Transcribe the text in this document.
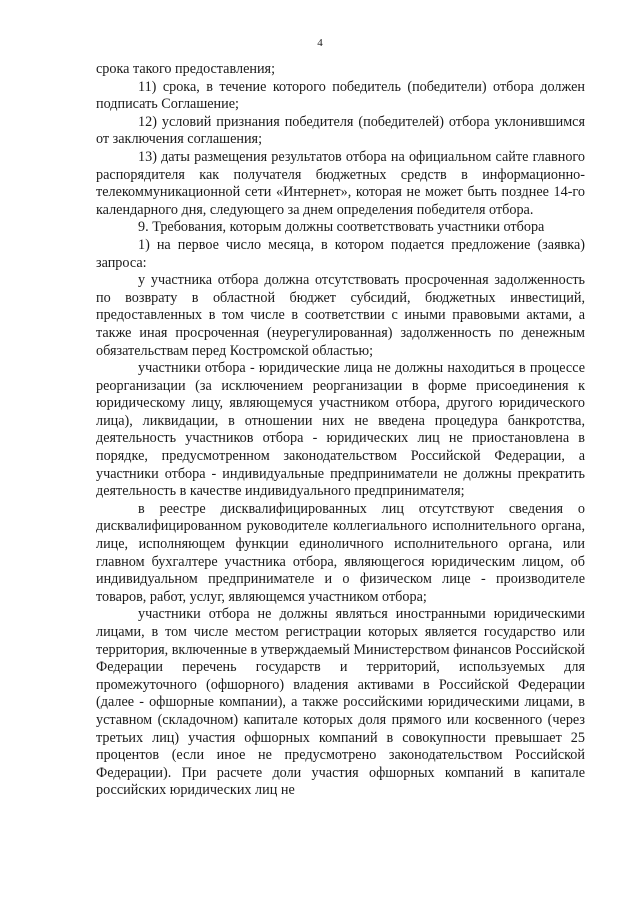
4

срока такого предоставления;

11) срока, в течение которого победитель (победители) отбора должен подписать Соглашение;

12) условий признания победителя (победителей) отбора уклонившимся от заключения соглашения;

13) даты размещения результатов отбора на официальном сайте главного распорядителя как получателя бюджетных средств в информационно-телекоммуникационной сети «Интернет», которая не может быть позднее 14-го календарного дня, следующего за днем определения победителя отбора.

9. Требования, которым должны соответствовать участники отбора

1) на первое число месяца, в котором подается предложение (заявка) запроса:

у участника отбора должна отсутствовать просроченная задолженность по возврату в областной бюджет субсидий, бюджетных инвестиций, предоставленных в том числе в соответствии с иными правовыми актами, а также иная просроченная (неурегулированная) задолженность по денежным обязательствам перед Костромской областью;

участники отбора - юридические лица не должны находиться в процессе реорганизации (за исключением реорганизации в форме присоединения к юридическому лицу, являющемуся участником отбора, другого юридического лица), ликвидации, в отношении них не введена процедура банкротства, деятельность участников отбора - юридических лиц не приостановлена в порядке, предусмотренном законодательством Российской Федерации, а участники отбора - индивидуальные предприниматели не должны прекратить деятельность в качестве индивидуального предпринимателя;

в реестре дисквалифицированных лиц отсутствуют сведения о дисквалифицированном руководителе коллегиального исполнительного органа, лице, исполняющем функции единоличного исполнительного органа, или главном бухгалтере участника отбора, являющегося юридическим лицом, об индивидуальном предпринимателе и о физическом лице - производителе товаров, работ, услуг, являющемся участником отбора;

участники отбора не должны являться иностранными юридическими лицами, в том числе местом регистрации которых является государство или территория, включенные в утверждаемый Министерством финансов Российской Федерации перечень государств и территорий, используемых для промежуточного (офшорного) владения активами в Российской Федерации (далее - офшорные компании), а также российскими юридическими лицами, в уставном (складочном) капитале которых доля прямого или косвенного (через третьих лиц) участия офшорных компаний в совокупности превышает 25 процентов (если иное не предусмотрено законодательством Российской Федерации). При расчете доли участия офшорных компаний в капитале российских юридических лиц не
